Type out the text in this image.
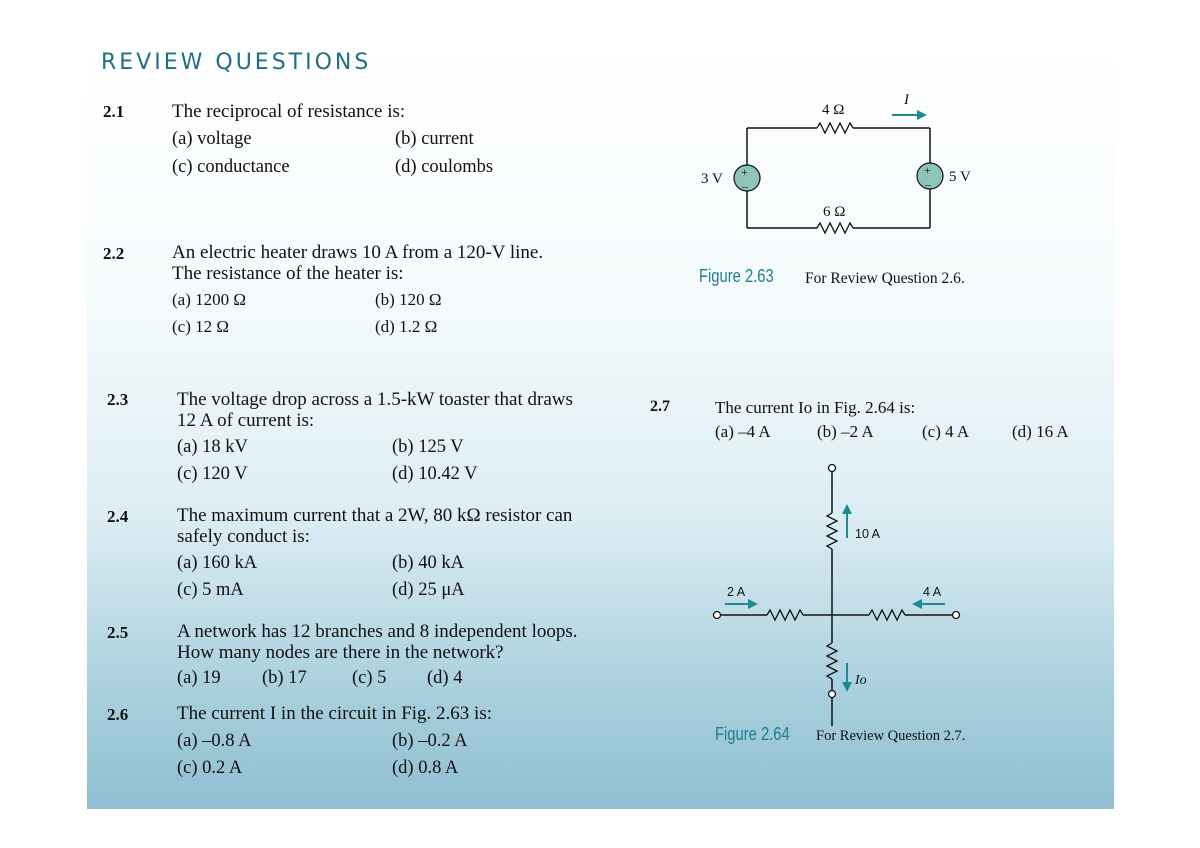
REVIEW QUESTIONS
2.1	The reciprocal of resistance is:
(a) voltage	(b) current
(c) conductance	(d) coulombs
2.2	An electric heater draws 10 A from a 120-V line.
The resistance of the heater is:
(a) 1200 Ω	(b) 120 Ω
(c) 12 Ω	(d) 1.2 Ω
2.3	The voltage drop across a 1.5-kW toaster that draws
12 A of current is:
(a) 18 kV	(b) 125 V
(c) 120 V	(d) 10.42 V
2.4	The maximum current that a 2W, 80 kΩ resistor can
safely conduct is:
(a) 160 kA	(b) 40 kA
(c) 5 mA	(d) 25 μA
2.5	A network has 12 branches and 8 independent loops.
How many nodes are there in the network?
(a) 19 (b) 17 (c) 5 (d) 4
2.6	The current I in the circuit in Fig. 2.63 is:
(a) –0.8 A	(b) –0.2 A
(c) 0.2 A	(d) 0.8 A
2.7	The current Io in Fig. 2.64 is:
(a) –4 A	(b) –2 A	(c) 4 A	(d) 16 A
+
–
+
–
4 Ω
6 Ω
3 V	5 V
I
Figure 2.63 For Review Question 2.6.
10 A
2 A	4 A
Io
Figure 2.64 For Review Question 2.7.
